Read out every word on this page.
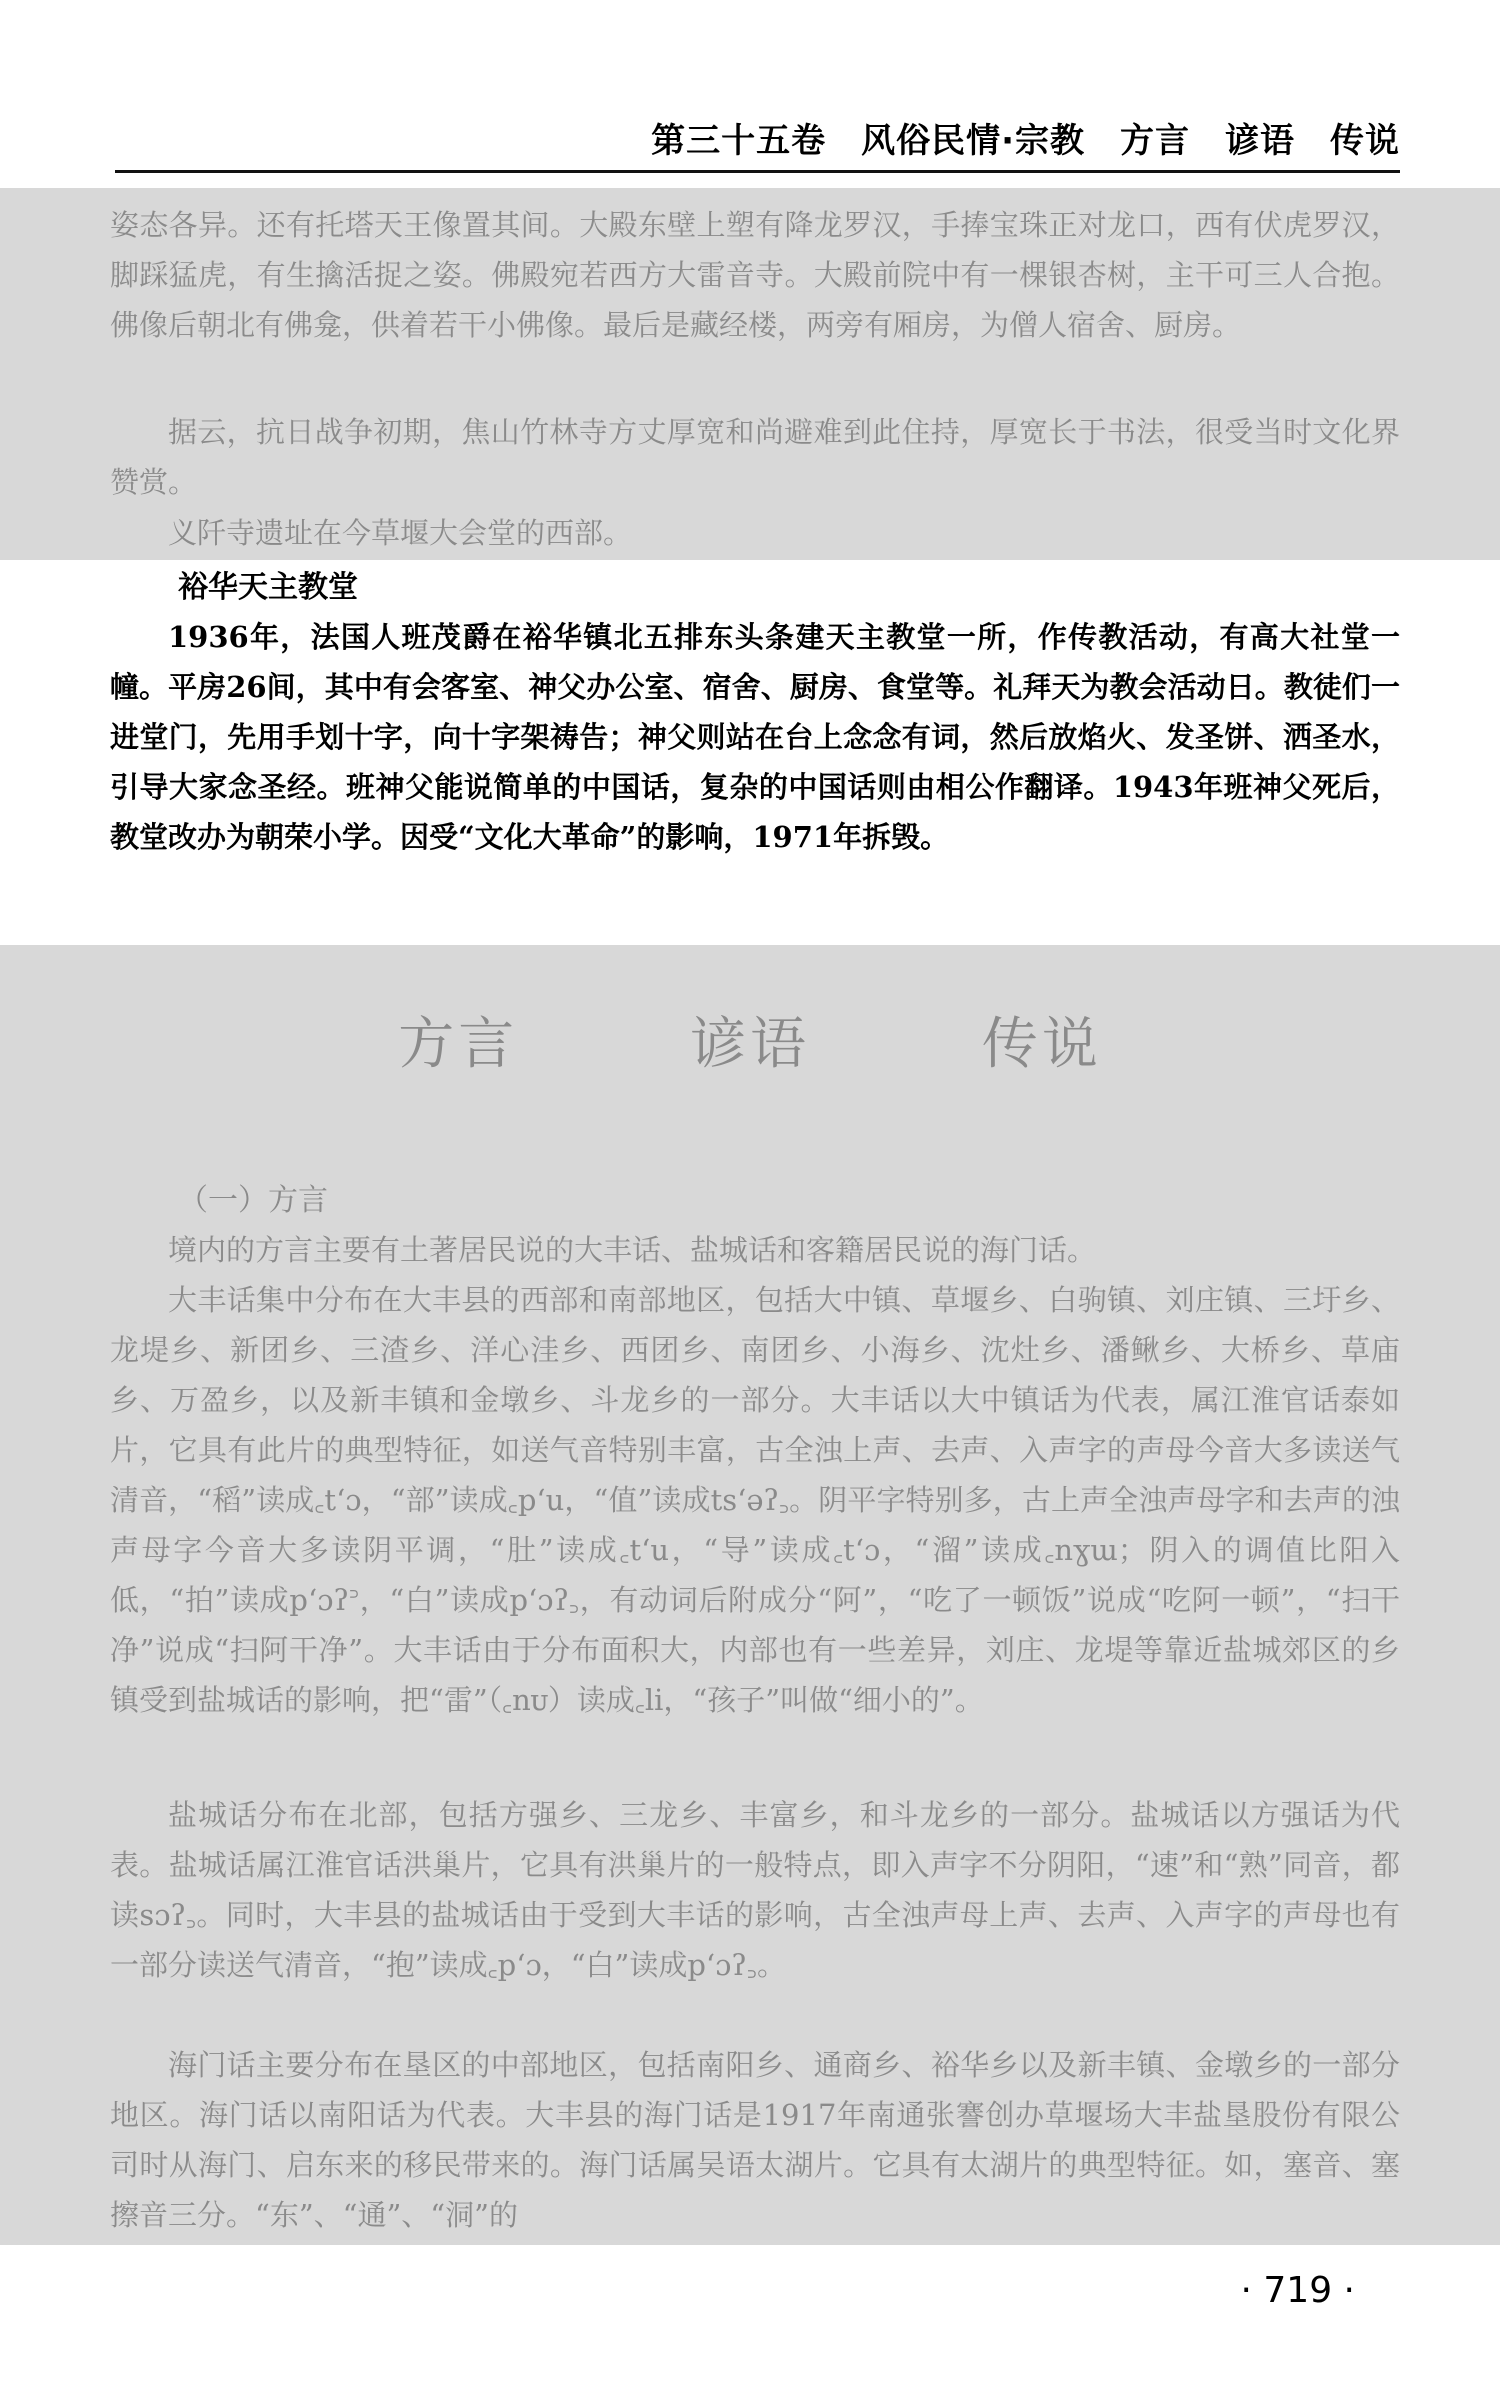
第三十五卷　风俗民情·宗教　方言　谚语　传说

姿态各异。还有托塔天王像置其间。大殿东壁上塑有降龙罗汉，手捧宝珠正对龙口，西有伏虎罗汉，脚踩猛虎，有生擒活捉之姿。佛殿宛若西方大雷音寺。大殿前院中有一棵银杏树，主干可三人合抱。佛像后朝北有佛龛，供着若干小佛像。最后是藏经楼，两旁有厢房，为僧人宿舍、厨房。

据云，抗日战争初期，焦山竹林寺方丈厚宽和尚避难到此住持，厚宽长于书法，很受当时文化界赞赏。

义阡寺遗址在今草堰大会堂的西部。

裕华天主教堂

1936年，法国人班茂爵在裕华镇北五排东头条建天主教堂一所，作传教活动，有高大社堂一幢。平房26间，其中有会客室、神父办公室、宿舍、厨房、食堂等。礼拜天为教会活动日。教徒们一进堂门，先用手划十字，向十字架祷告；神父则站在台上念念有词，然后放焰火、发圣饼、洒圣水，引导大家念圣经。班神父能说简单的中国话，复杂的中国话则由相公作翻译。1943年班神父死后，教堂改办为朝荣小学。因受“文化大革命”的影响，1971年拆毁。

方言	谚语	传说
（一）方言

境内的方言主要有土著居民说的大丰话、盐城话和客籍居民说的海门话。

大丰话集中分布在大丰县的西部和南部地区，包括大中镇、草堰乡、白驹镇、刘庄镇、三圩乡、龙堤乡、新团乡、三渣乡、洋心洼乡、西团乡、南团乡、小海乡、沈灶乡、潘鳅乡、大桥乡、草庙乡、万盈乡，以及新丰镇和金墩乡、斗龙乡的一部分。大丰话以大中镇话为代表，属江淮官话泰如片，它具有此片的典型特征，如送气音特别丰富，古全浊上声、去声、入声字的声母今音大多读送气清音，“稻”读成꜀tʻɔ，“部”读成꜀pʻu，“值”读成tsʻəʔ꜆。阴平字特别多，古上声全浊声母字和去声的浊声母字今音大多读阴平调，“肚”读成꜀tʻu，“导”读成꜀tʻɔ，“溜”读成꜀nɣɯ；阴入的调值比阳入低，“拍”读成pʻɔʔ꜄，“白”读成pʻɔʔ꜆，有动词后附成分“阿”，“吃了一顿饭”说成“吃阿一顿”，“扫干净”说成“扫阿干净”。大丰话由于分布面积大，内部也有一些差异，刘庄、龙堤等靠近盐城郊区的乡镇受到盐城话的影响，把“雷”（꜀nᴜ）读成꜀li，“孩子”叫做“细小的”。

盐城话分布在北部，包括方强乡、三龙乡、丰富乡，和斗龙乡的一部分。盐城话以方强话为代表。盐城话属江淮官话洪巢片，它具有洪巢片的一般特点，即入声字不分阴阳，“速”和“熟”同音，都读sɔʔ꜆。同时，大丰县的盐城话由于受到大丰话的影响，古全浊声母上声、去声、入声字的声母也有一部分读送气清音，“抱”读成꜀pʻɔ，“白”读成pʻɔʔ꜆。

海门话主要分布在垦区的中部地区，包括南阳乡、通商乡、裕华乡以及新丰镇、金墩乡的一部分地区。海门话以南阳话为代表。大丰县的海门话是1917年南通张謇创办草堰场大丰盐垦股份有限公司时从海门、启东来的移民带来的。海门话属吴语太湖片。它具有太湖片的典型特征。如，塞音、塞擦音三分。“东”、“通”、“洞”的

· 719 ·
